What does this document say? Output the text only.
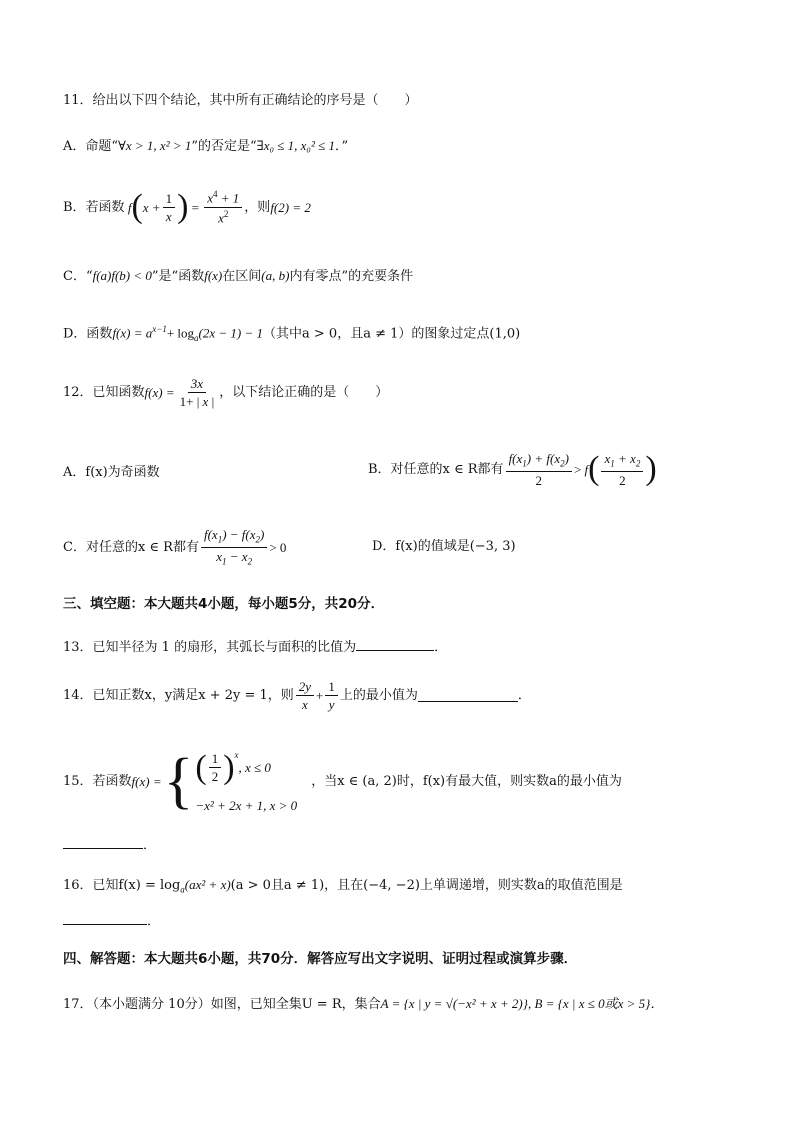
11．给出以下四个结论，其中所有正确结论的序号是（　　）
A．命题“∀x > 1, x² > 1”的否定是“∃x₀ ≤ 1, x₀² ≤ 1．”
B．若函数 f ( $x + \frac{1}{x}$ ) = $\frac{x^4 + 1}{x^2}$ ，则 f(2) = 2
C．“f(a)f(b) < 0”是“函数f(x)在区间(a, b)内有零点”的充要条件
D．函数$f(x) = a^{x-1}+ \log_a(2x - 1) - 1$（其中a > 0，且a ≠ 1）的图象过定点(1,0)
12．已知函数 $f(x) = \frac{3x}{1+ | x |}$ ，以下结论正确的是（　　）
A．f(x)为奇函数	B．对任意的x ∈ R都有 $\frac{f(x_1) + f(x_2)}{2} > f$ ( $\frac{x_1 + x_2}{2}$ )
C．对任意的x ∈ R都有 $\frac{f(x_1) - f(x_2)}{x_1 - x_2} > 0$	D．f(x)的值域是(−3, 3)
三、填空题：本大题共4小题，每小题5分，共20分．
13．已知半径为 1 的扇形，其弧长与面积的比值为	．
14．已知正数x，y满足x + 2y = 1，则 $\frac{2y}{x} + \frac{1}{y}$ 上的最小值为	．
15．若函数 f(x) = { ( $\frac{1}{2} )^x$
, x ≤ 0
−x² + 2x + 1, x > 0
，当x ∈ (a, 2)时，f(x)有最大值，则实数a的最小值为
．
16．已知$f(x) = \log_a(ax^2 + x)(a > 0$且a ≠ 1)，且在(−4, −2)上单调递增，则实数a的取值范围是
．
四、解答题：本大题共6小题，共70分．解答应写出文字说明、证明过程或演算步骤．
17．（本小题满分 10分）如图，已知全集U = R，集合A = {x | y = √(−x² + x + 2)}, B = {x | x ≤ 0或x > 5}．
